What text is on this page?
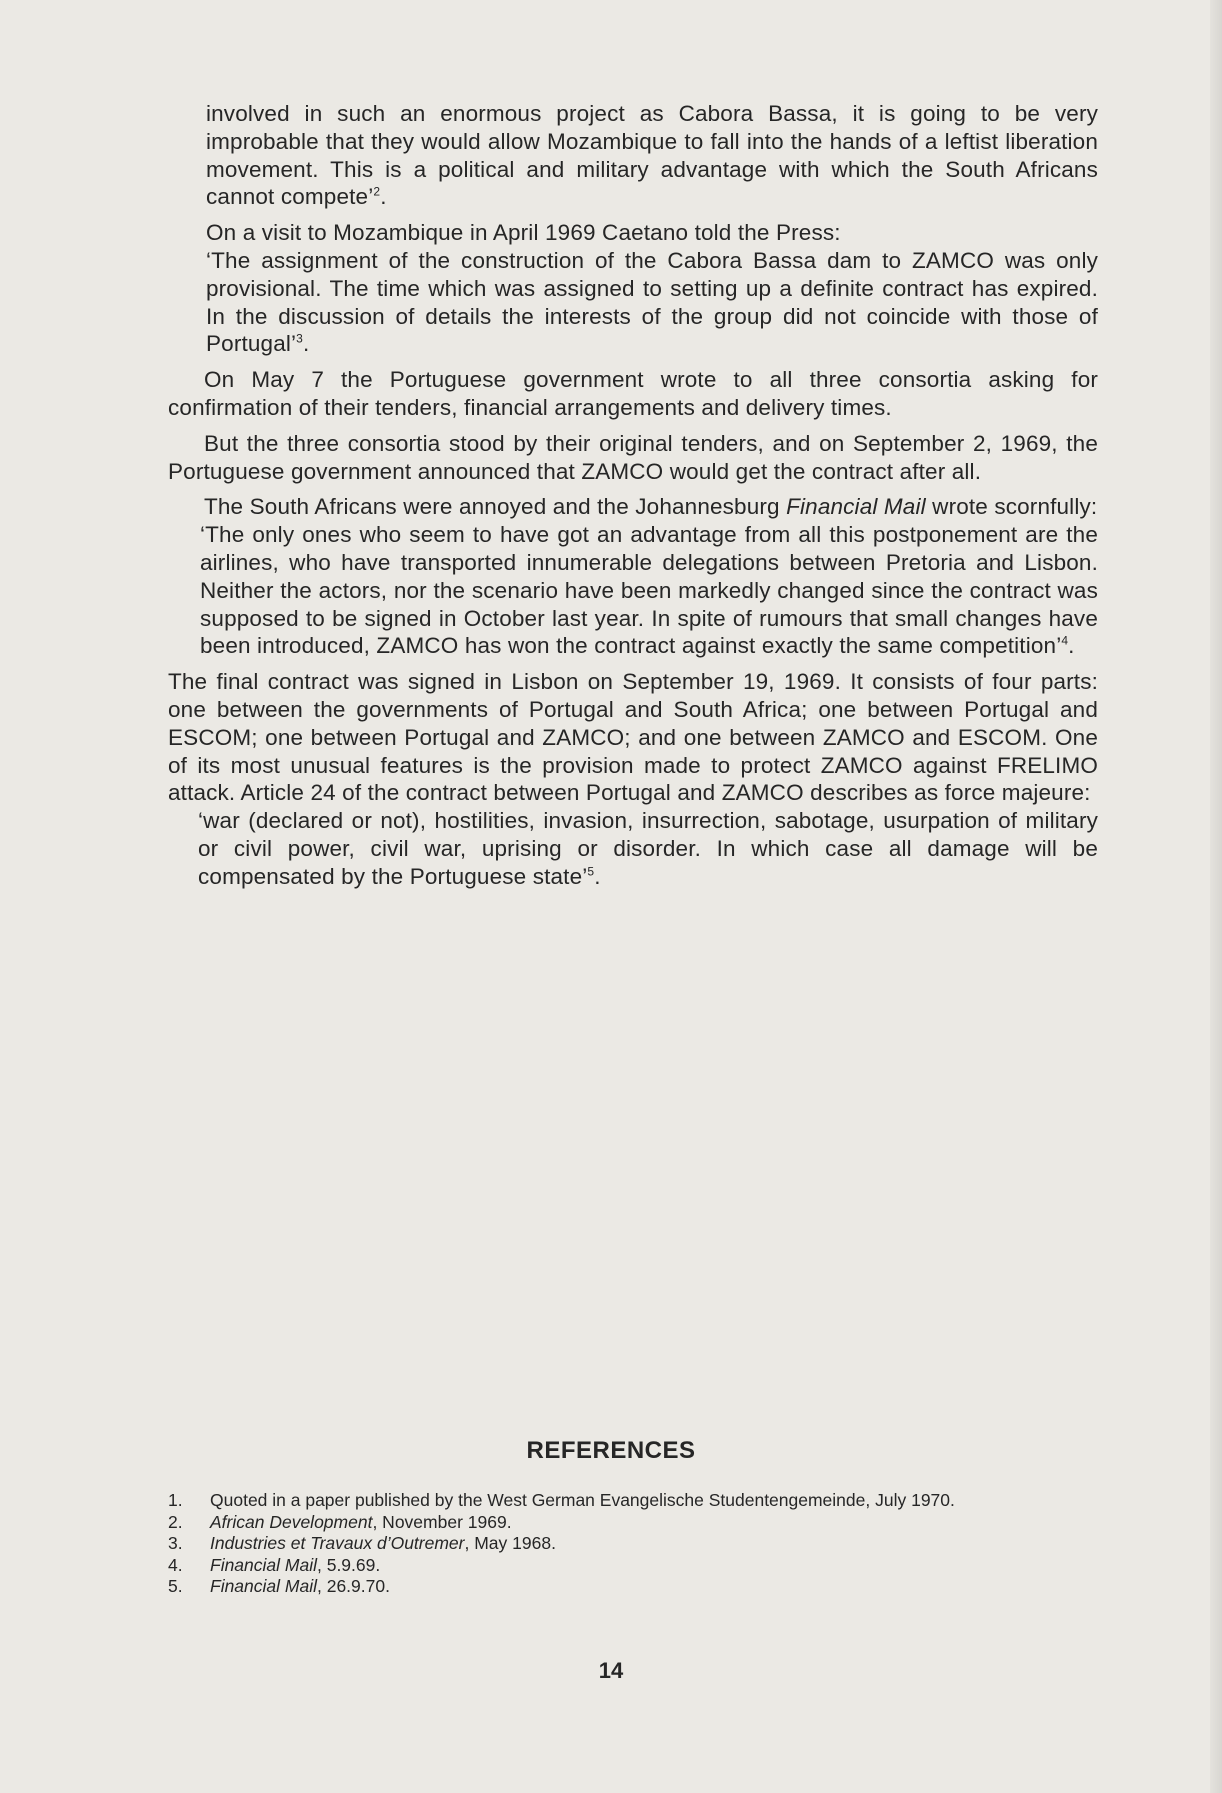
involved in such an enormous project as Cabora Bassa, it is going to be very improbable that they would allow Mozambique to fall into the hands of a leftist liberation movement. This is a political and military advantage with which the South Africans cannot compete’$^2$.

On a visit to Mozambique in April 1969 Caetano told the Press:

‘The assignment of the construction of the Cabora Bassa dam to ZAMCO was only provisional. The time which was assigned to setting up a definite contract has expired. In the discussion of details the interests of the group did not coincide with those of Portugal’$^3$.

On May 7 the Portuguese government wrote to all three consortia asking for confirmation of their tenders, financial arrangements and delivery times.

But the three consortia stood by their original tenders, and on September 2, 1969, the Portuguese government announced that ZAMCO would get the contract after all.

The South Africans were annoyed and the Johannesburg Financial Mail wrote scornfully:

‘The only ones who seem to have got an advantage from all this postponement are the airlines, who have transported innumerable delegations between Pretoria and Lisbon. Neither the actors, nor the scenario have been markedly changed since the contract was supposed to be signed in October last year. In spite of rumours that small changes have been introduced, ZAMCO has won the contract against exactly the same competition’$^4$.

The final contract was signed in Lisbon on September 19, 1969. It consists of four parts: one between the governments of Portugal and South Africa; one between Portugal and ESCOM; one between Portugal and ZAMCO; and one between ZAMCO and ESCOM. One of its most unusual features is the provision made to protect ZAMCO against FRELIMO attack. Article 24 of the contract between Portugal and ZAMCO describes as force majeure:

‘war (declared or not), hostilities, invasion, insurrection, sabotage, usurpation of military or civil power, civil war, uprising or disorder. In which case all damage will be compensated by the Portuguese state’$^5$.

REFERENCES
1.	Quoted in a paper published by the West German Evangelische Studentengemeinde, July 1970.
2.	African Development, November 1969.
3.	Industries et Travaux d’Outremer, May 1968.
4.	Financial Mail, 5.9.69.
5.	Financial Mail, 26.9.70.
14
